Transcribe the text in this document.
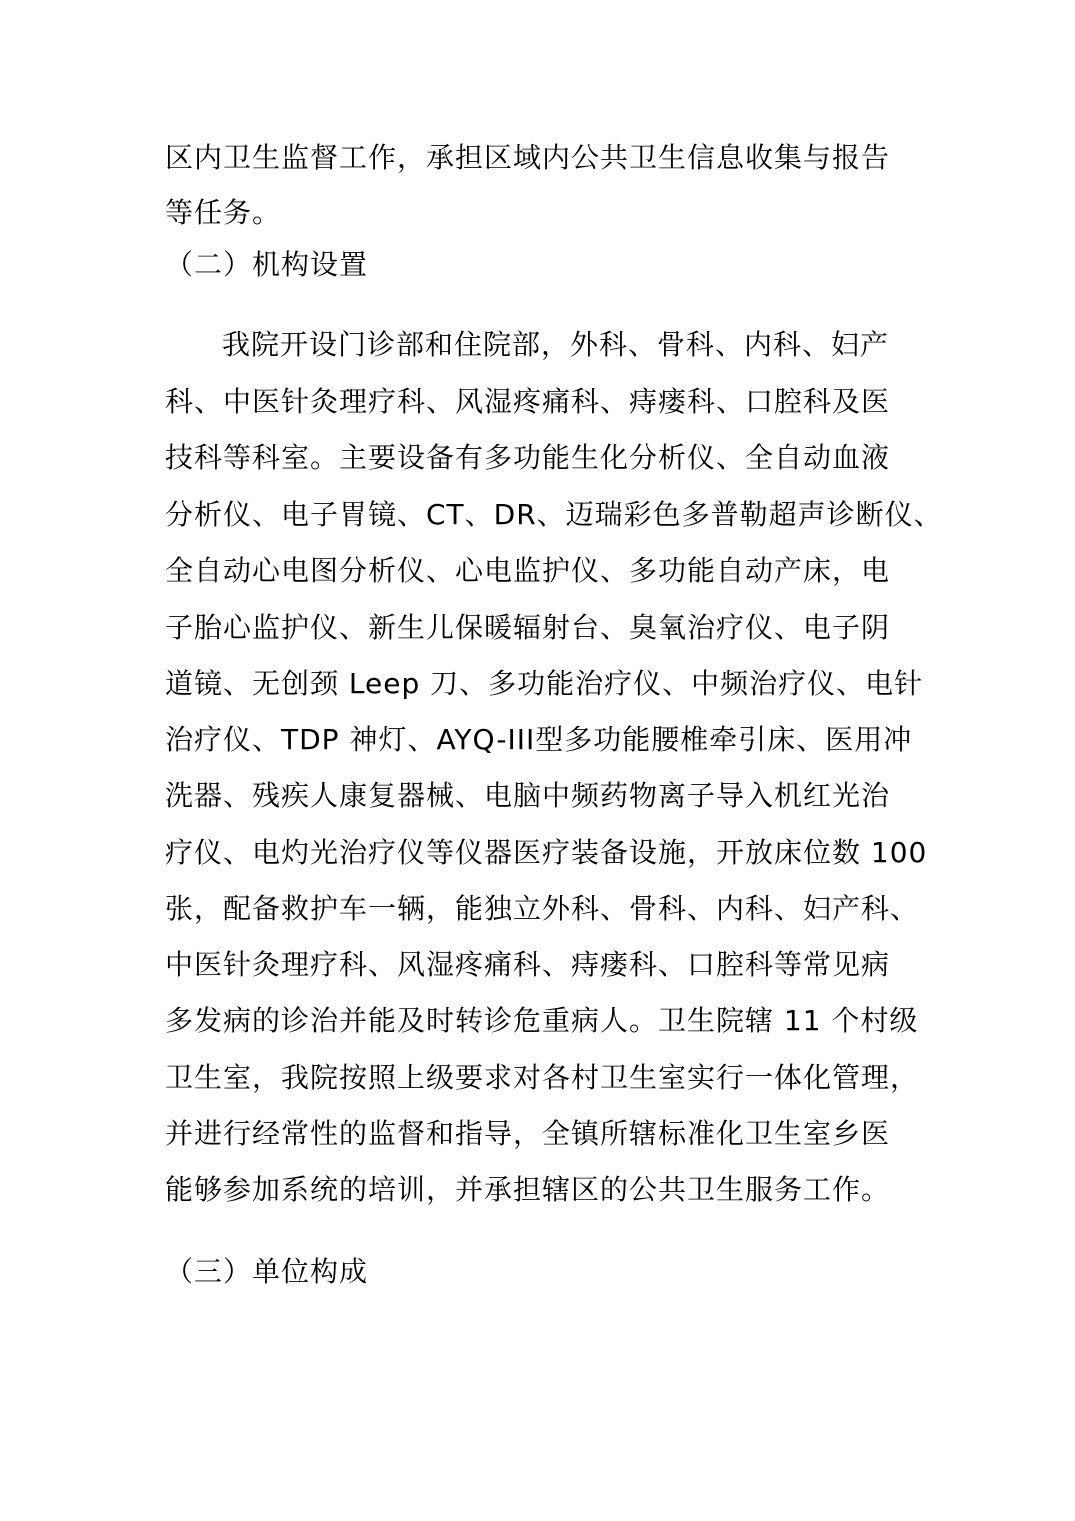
区内卫生监督工作，承担区域内公共卫生信息收集与报告
等任务。
（二）机构设置
我院开设门诊部和住院部，外科、骨科、内科、妇产
科、中医针灸理疗科、风湿疼痛科、痔瘘科、口腔科及医
技科等科室。主要设备有多功能生化分析仪、全自动血液
分析仪、电子胃镜、CT、DR、迈瑞彩色多普勒超声诊断仪、
全自动心电图分析仪、心电监护仪、多功能自动产床，电
子胎心监护仪、新生儿保暖辐射台、臭氧治疗仪、电子阴
道镜、无创颈 Leep 刀、多功能治疗仪、中频治疗仪、电针
治疗仪、TDP 神灯、AYQ-III型多功能腰椎牵引床、医用冲
洗器、残疾人康复器械、电脑中频药物离子导入机红光治
疗仪、电灼光治疗仪等仪器医疗装备设施，开放床位数 100
张，配备救护车一辆，能独立外科、骨科、内科、妇产科、
中医针灸理疗科、风湿疼痛科、痔瘘科、口腔科等常见病
多发病的诊治并能及时转诊危重病人。卫生院辖 11 个村级
卫生室，我院按照上级要求对各村卫生室实行一体化管理，
并进行经常性的监督和指导，全镇所辖标准化卫生室乡医
能够参加系统的培训，并承担辖区的公共卫生服务工作。
（三）单位构成
